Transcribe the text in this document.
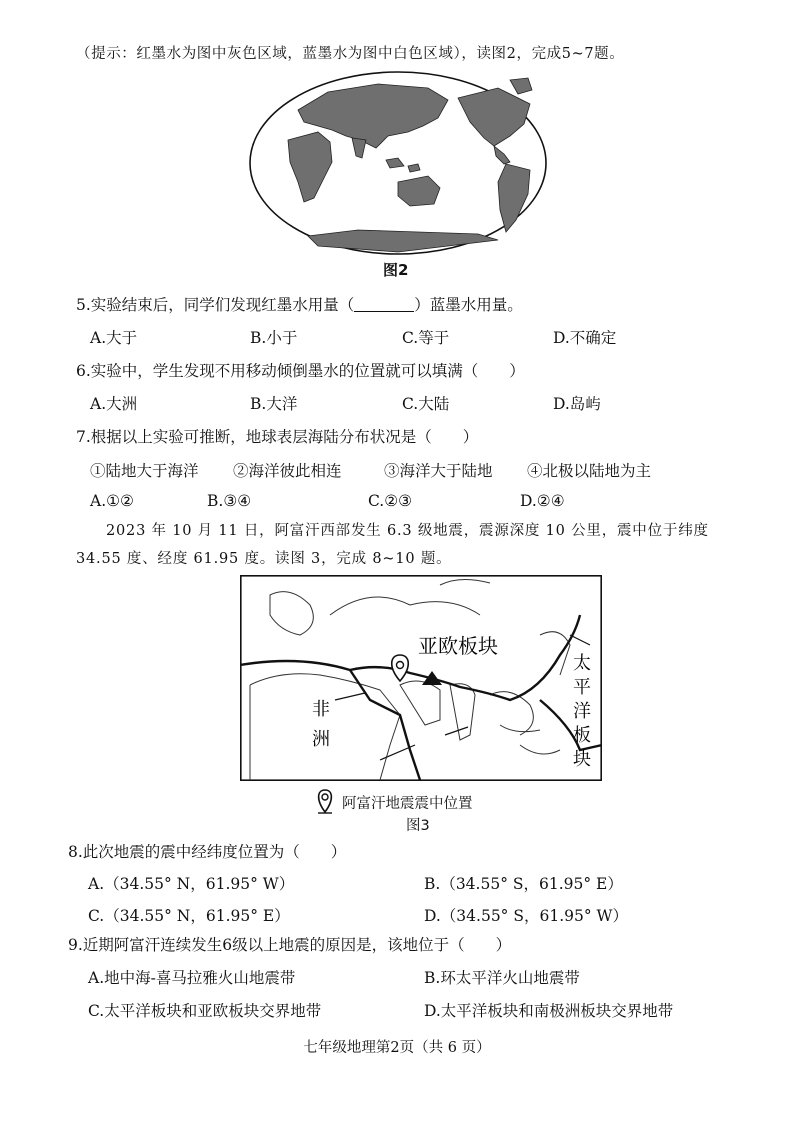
（提示：红墨水为图中灰色区域，蓝墨水为图中白色区域），读图2，完成5~7题。
图2
5.实验结束后，同学们发现红墨水用量（	）蓝墨水用量。
A.大于	B.小于	C.等于	D.不确定
6.实验中，学生发现不用移动倾倒墨水的位置就可以填满（　　）
A.大洲	B.大洋	C.大陆	D.岛屿
7.根据以上实验可推断，地球表层海陆分布状况是（　　）
①陆地大于海洋 ②海洋彼此相连	③海洋大于陆地 ④北极以陆地为主
A.①②	B.③④	C.②③	D.②④
2023 年 10 月 11 日，阿富汗西部发生 6.3 级地震，震源深度 10 公里，震中位于纬度
34.55 度、经度 61.95 度。读图 3，完成 8~10 题。
亚欧板块
非
洲
太
平
洋
板
块
阿富汗地震震中位置
图3
8.此次地震的震中经纬度位置为（　　）
A.（34.55° N，61.95° W）	B.（34.55° S，61.95° E）
C.（34.55° N，61.95° E）	D.（34.55° S，61.95° W）
9.近期阿富汗连续发生6级以上地震的原因是，该地位于（　　）
A.地中海-喜马拉雅火山地震带	B.环太平洋火山地震带
C.太平洋板块和亚欧板块交界地带	D.太平洋板块和南极洲板块交界地带
七年级地理第2页（共 6 页）
